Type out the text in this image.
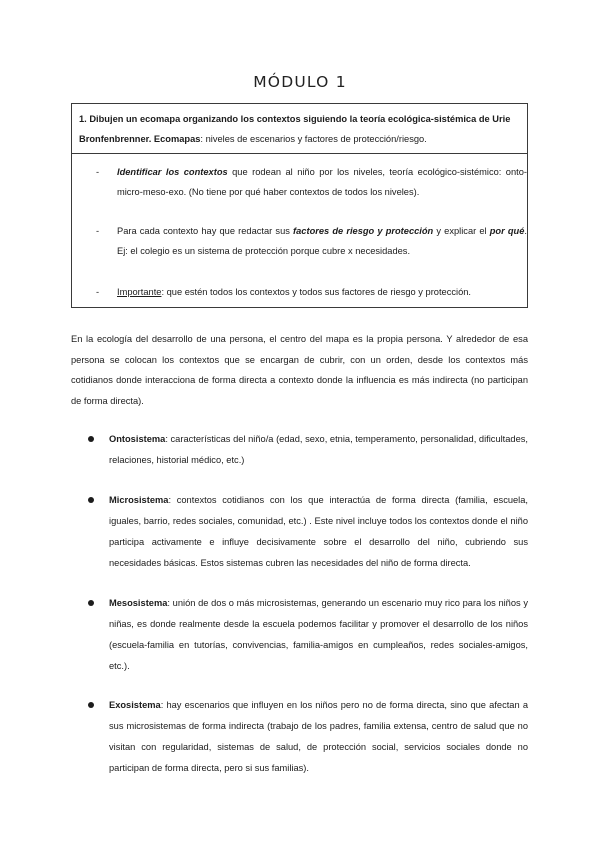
MÓDULO 1
1. Dibujen un ecomapa organizando los contextos siguiendo la teoría ecológica-sistémica de Urie Bronfenbrenner. Ecomapas: niveles de escenarios y factores de protección/riesgo.
- Identificar los contextos que rodean al niño por los niveles, teoría ecológico-sistémico: onto-micro-meso-exo. (No tiene por qué haber contextos de todos los niveles).
- Para cada contexto hay que redactar sus factores de riesgo y protección y explicar el por qué. Ej: el colegio es un sistema de protección porque cubre x necesidades.
- Importante: que estén todos los contextos y todos sus factores de riesgo y protección.
En la ecología del desarrollo de una persona, el centro del mapa es la propia persona. Y alrededor de esa persona se colocan los contextos que se encargan de cubrir, con un orden, desde los contextos más cotidianos donde interacciona de forma directa a contexto donde la influencia es más indirecta (no participan de forma directa).
Ontosistema: características del niño/a (edad, sexo, etnia, temperamento, personalidad, dificultades, relaciones, historial médico, etc.)
Microsistema: contextos cotidianos con los que interactúa de forma directa (familia, escuela, iguales, barrio, redes sociales, comunidad, etc.) . Este nivel incluye todos los contextos donde el niño participa activamente e influye decisivamente sobre el desarrollo del niño, cubriendo sus necesidades básicas. Estos sistemas cubren las necesidades del niño de forma directa.
Mesosistema: unión de dos o más microsistemas, generando un escenario muy rico para los niños y niñas, es donde realmente desde la escuela podemos facilitar y promover el desarrollo de los niños (escuela-familia en tutorías, convivencias, familia-amigos en cumpleaños, redes sociales-amigos, etc.).
Exosistema: hay escenarios que influyen en los niños pero no de forma directa, sino que afectan a sus microsistemas de forma indirecta (trabajo de los padres, familia extensa, centro de salud que no visitan con regularidad, sistemas de salud, de protección social, servicios sociales donde no participan de forma directa, pero si sus familias).
